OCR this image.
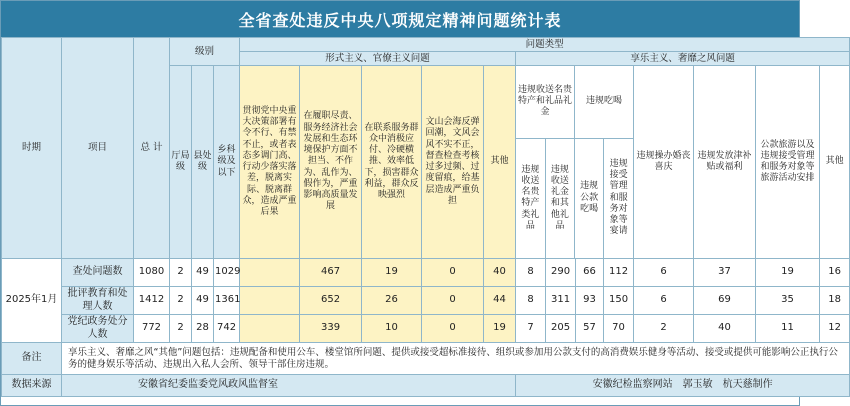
全省查处违反中央八项规定精神问题统计表
时期	项目	总 计	级别	问题类型
形式主义、官僚主义问题	享乐主义、奢靡之风问题
厅局级	县处级	乡科级及以下	贯彻党中央重大决策部署有令不行、有禁不止，或者表态多调门高、行动少落实落差，脱离实际、脱离群众，造成严重后果	在履职尽责、服务经济社会发展和生态环境保护方面不担当、不作为、乱作为、假作为，严重影响高质量发展	在联系服务群众中消极应付、冷硬横推、效率低下，损害群众利益，群众反映强烈	文山会海反弹回潮，文风会风不实不正，督查检查考核过多过频、过度留痕，给基层造成严重负担	其他	
违规收送名贵特产和礼品礼金	违规吃喝
违规收送名贵特产类礼品	违规收送礼金和其他礼品	违规公款吃喝	违规接受管理和服务对象等宴请
	违规操办婚丧喜庆	违规发放津补贴或福利	公款旅游以及违规接受管理和服务对象等旅游活动安排	其他
2025年1月	查处问题数	1080	2	49	1029		467	19	0	40	8	290	66	112	6	37	19	16
批评教育和处理人数	1412	2	49	1361		652	26	0	44	8	311	93	150	6	69	35	18
党纪政务处分人数	772	2	28	742		339	10	0	19	7	205	57	70	2	40	11	12
备注	享乐主义、奢靡之风“其他”问题包括：违规配备和使用公车、楼堂馆所问题、提供或接受超标准接待、组织或参加用公款支付的高消费娱乐健身等活动、接受或提供可能影响公正执行公务的健身娱乐等活动、违规出入私人会所、领导干部住房违规。
数据来源	安徽省纪委监委党风政风监督室	安徽纪检监察网站　郭玉敏　杭天慈制作
